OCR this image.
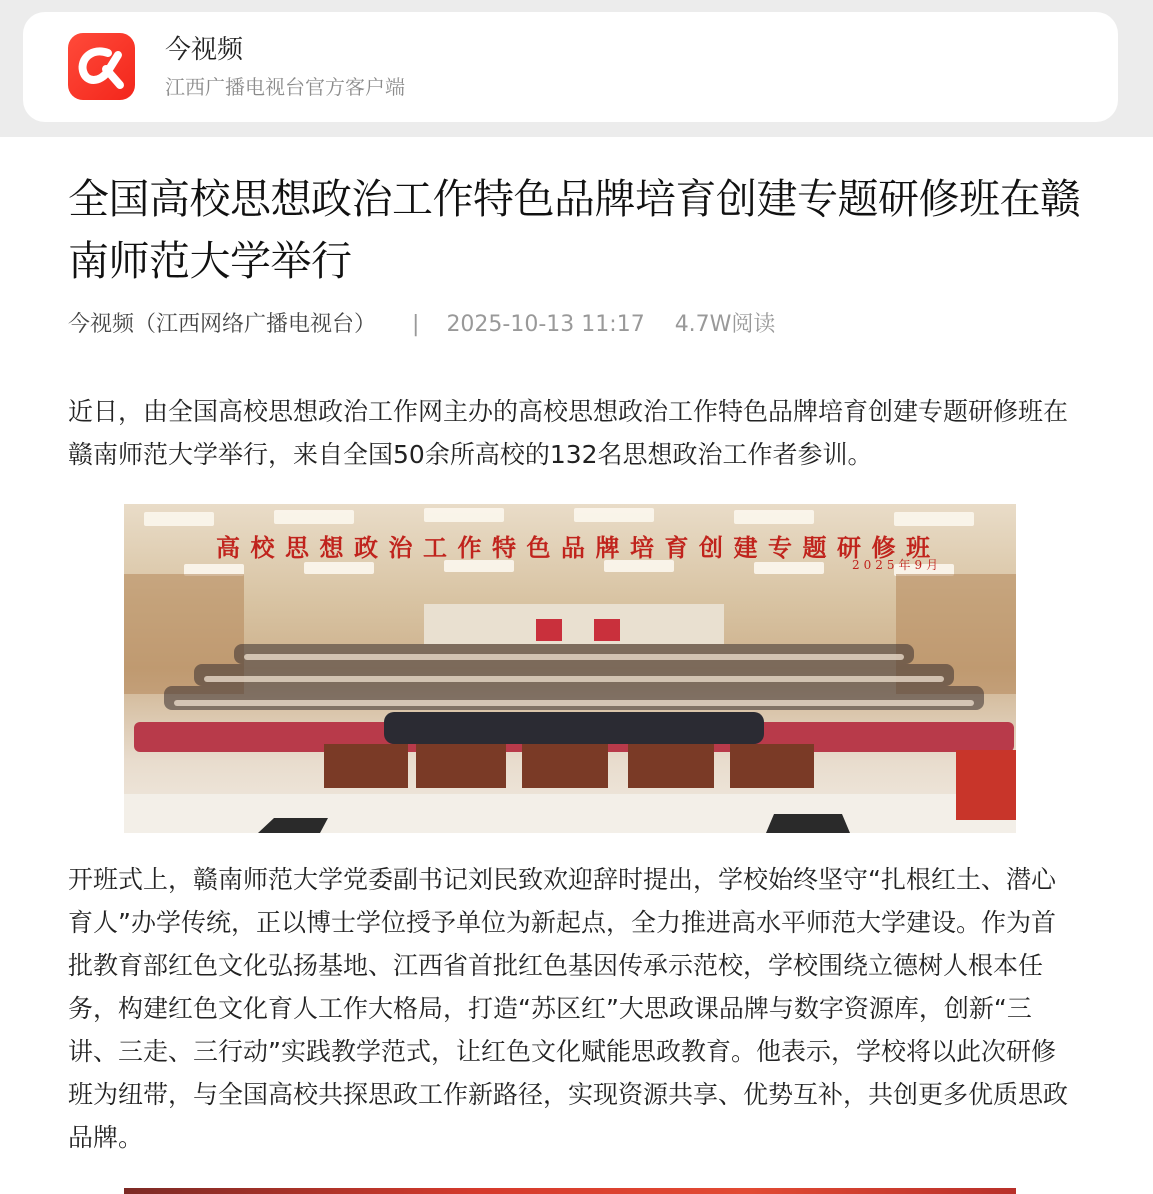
今视频
江西广播电视台官方客户端
全国高校思想政治工作特色品牌培育创建专题研修班在赣南师范大学举行
今视频（江西网络广播电视台） | 2025-10-13 11:17 4.7W阅读

近日，由全国高校思想政治工作网主办的高校思想政治工作特色品牌培育创建专题研修班在赣南师范大学举行，来自全国50余所高校的132名思想政治工作者参训。

高校思想政治工作特色品牌培育创建专题研修班
2025年9月

开班式上，赣南师范大学党委副书记刘民致欢迎辞时提出，学校始终坚守“扎根红土、潜心育人”办学传统，正以博士学位授予单位为新起点，全力推进高水平师范大学建设。作为首批教育部红色文化弘扬基地、江西省首批红色基因传承示范校，学校围绕立德树人根本任务，构建红色文化育人工作大格局，打造“苏区红”大思政课品牌与数字资源库，创新“三讲、三走、三行动”实践教学范式，让红色文化赋能思政教育。他表示，学校将以此次研修班为纽带，与全国高校共探思政工作新路径，实现资源共享、优势互补，共创更多优质思政品牌。
